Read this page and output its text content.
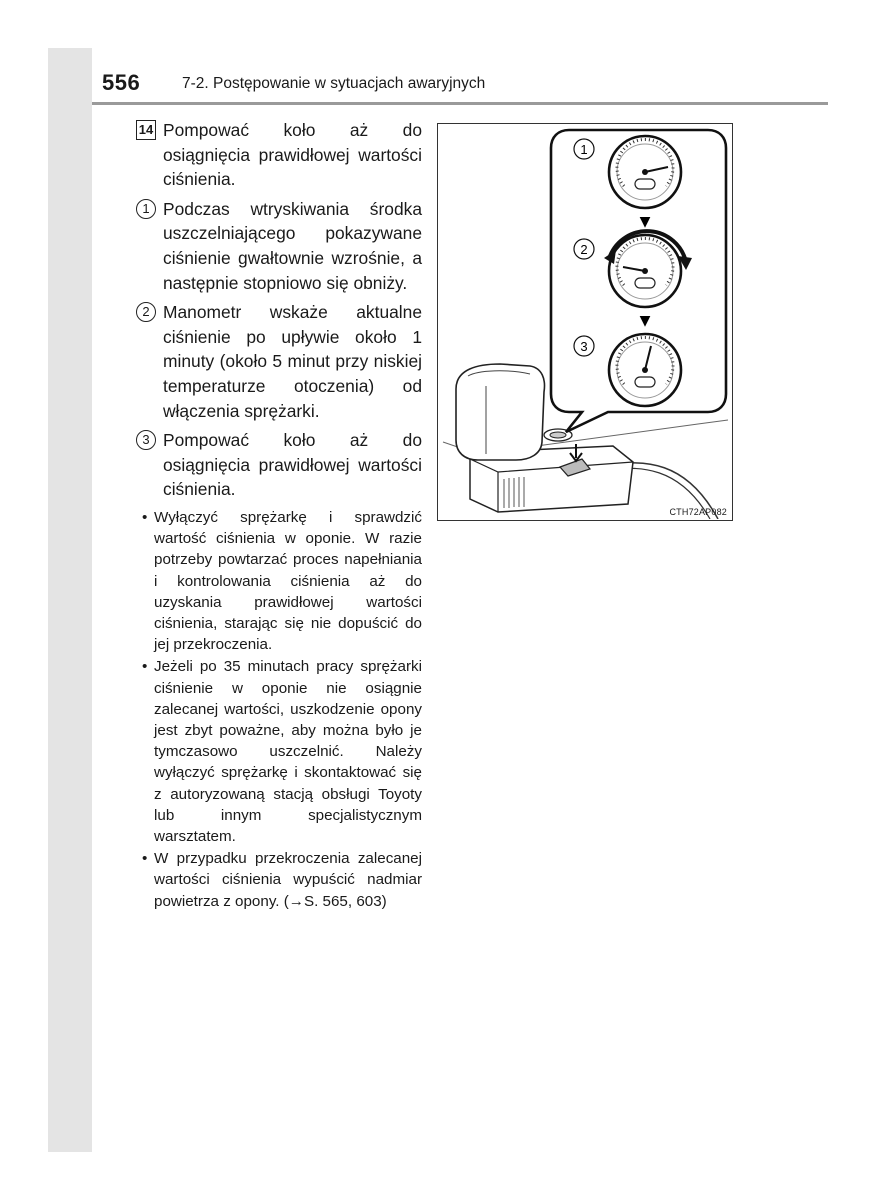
556	7-2. Postępowanie w sytuacjach awaryjnych
14 Pompować koło aż do osiągnięcia prawidłowej wartości ciśnienia.
1 Podczas wtryskiwania środka uszczelniającego pokazywane ciśnienie gwałtownie wzrośnie, a następnie stopniowo się obniży.
2 Manometr wskaże aktualne ciśnienie po upływie około 1 minuty (około 5 minut przy niskiej temperaturze otoczenia) od włączenia sprężarki.
3 Pompować koło aż do osiągnięcia prawidłowej wartości ciśnienia.
• Wyłączyć sprężarkę i sprawdzić wartość ciśnienia w oponie. W razie potrzeby powtarzać proces napełniania i kontrolowania ciśnienia aż do uzyskania prawidłowej wartości ciśnienia, starając się nie dopuścić do jej przekroczenia.
• Jeżeli po 35 minutach pracy sprężarki ciśnienie w oponie nie osiągnie zalecanej wartości, uszkodzenie opony jest zbyt poważne, aby można było je tymczasowo uszczelnić. Należy wyłączyć sprężarkę i skontaktować się z autoryzowaną stacją obsługi Toyoty lub innym specjalistycznym warsztatem.
• W przypadku przekroczenia zalecanej wartości ciśnienia wypuścić nadmiar powietrza z opony. (→S. 565, 603)
1
2
3
▼
▼
CTH72AP082
